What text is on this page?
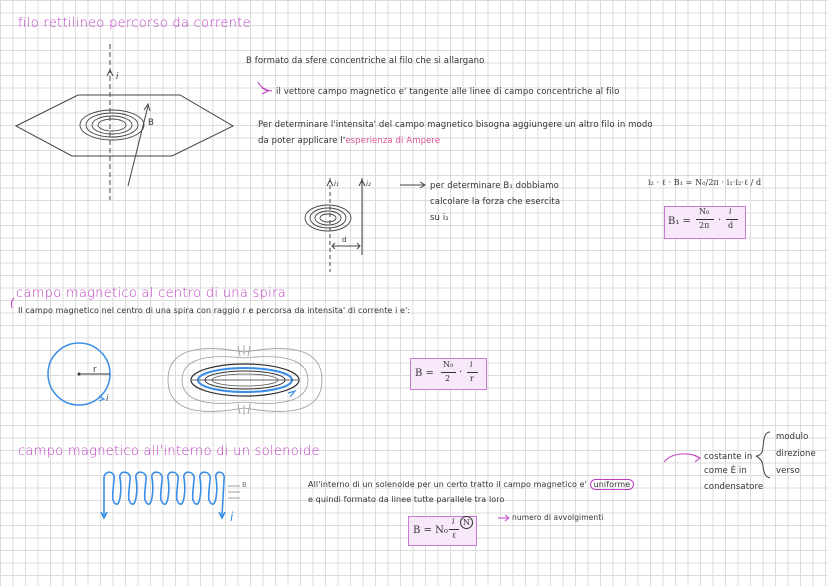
filo rettilineo percorso da corrente
i
B
B formato da sfere concentriche al filo che si allargano
il vettore campo magnetico e' tangente alle linee di campo concentriche al filo
Per determinare l'intensita' del campo magnetico bisogna aggiungere un altro filo in modo
da poter applicare l'esperienza di Ampere
i₁	i₂
d
per determinare B₁ dobbiamo
calcolare la forza che esercita
su i₂
i₂ · ℓ · B₁ = N₀/2π · i₁·i₂·ℓ / d
B₁ =
N₀
2π ·
i
d
campo magnetico al centro di una spira
Il campo magnetico nel centro di una spira con raggio r e percorsa da intensita' di corrente i e':
r
i
B =
N₀
2
·
i
r
campo magnetico all'interno di un solenoide
B
i
All'interno di un solenoide per un certo tratto il campo magnetico e' uniforme
e quindi formato da linee tutte parallele tra loro
B = N₀
i
ℓ
N
numero di avvolgimenti
costante in
come È in
condensatore
modulo
direzione
verso
